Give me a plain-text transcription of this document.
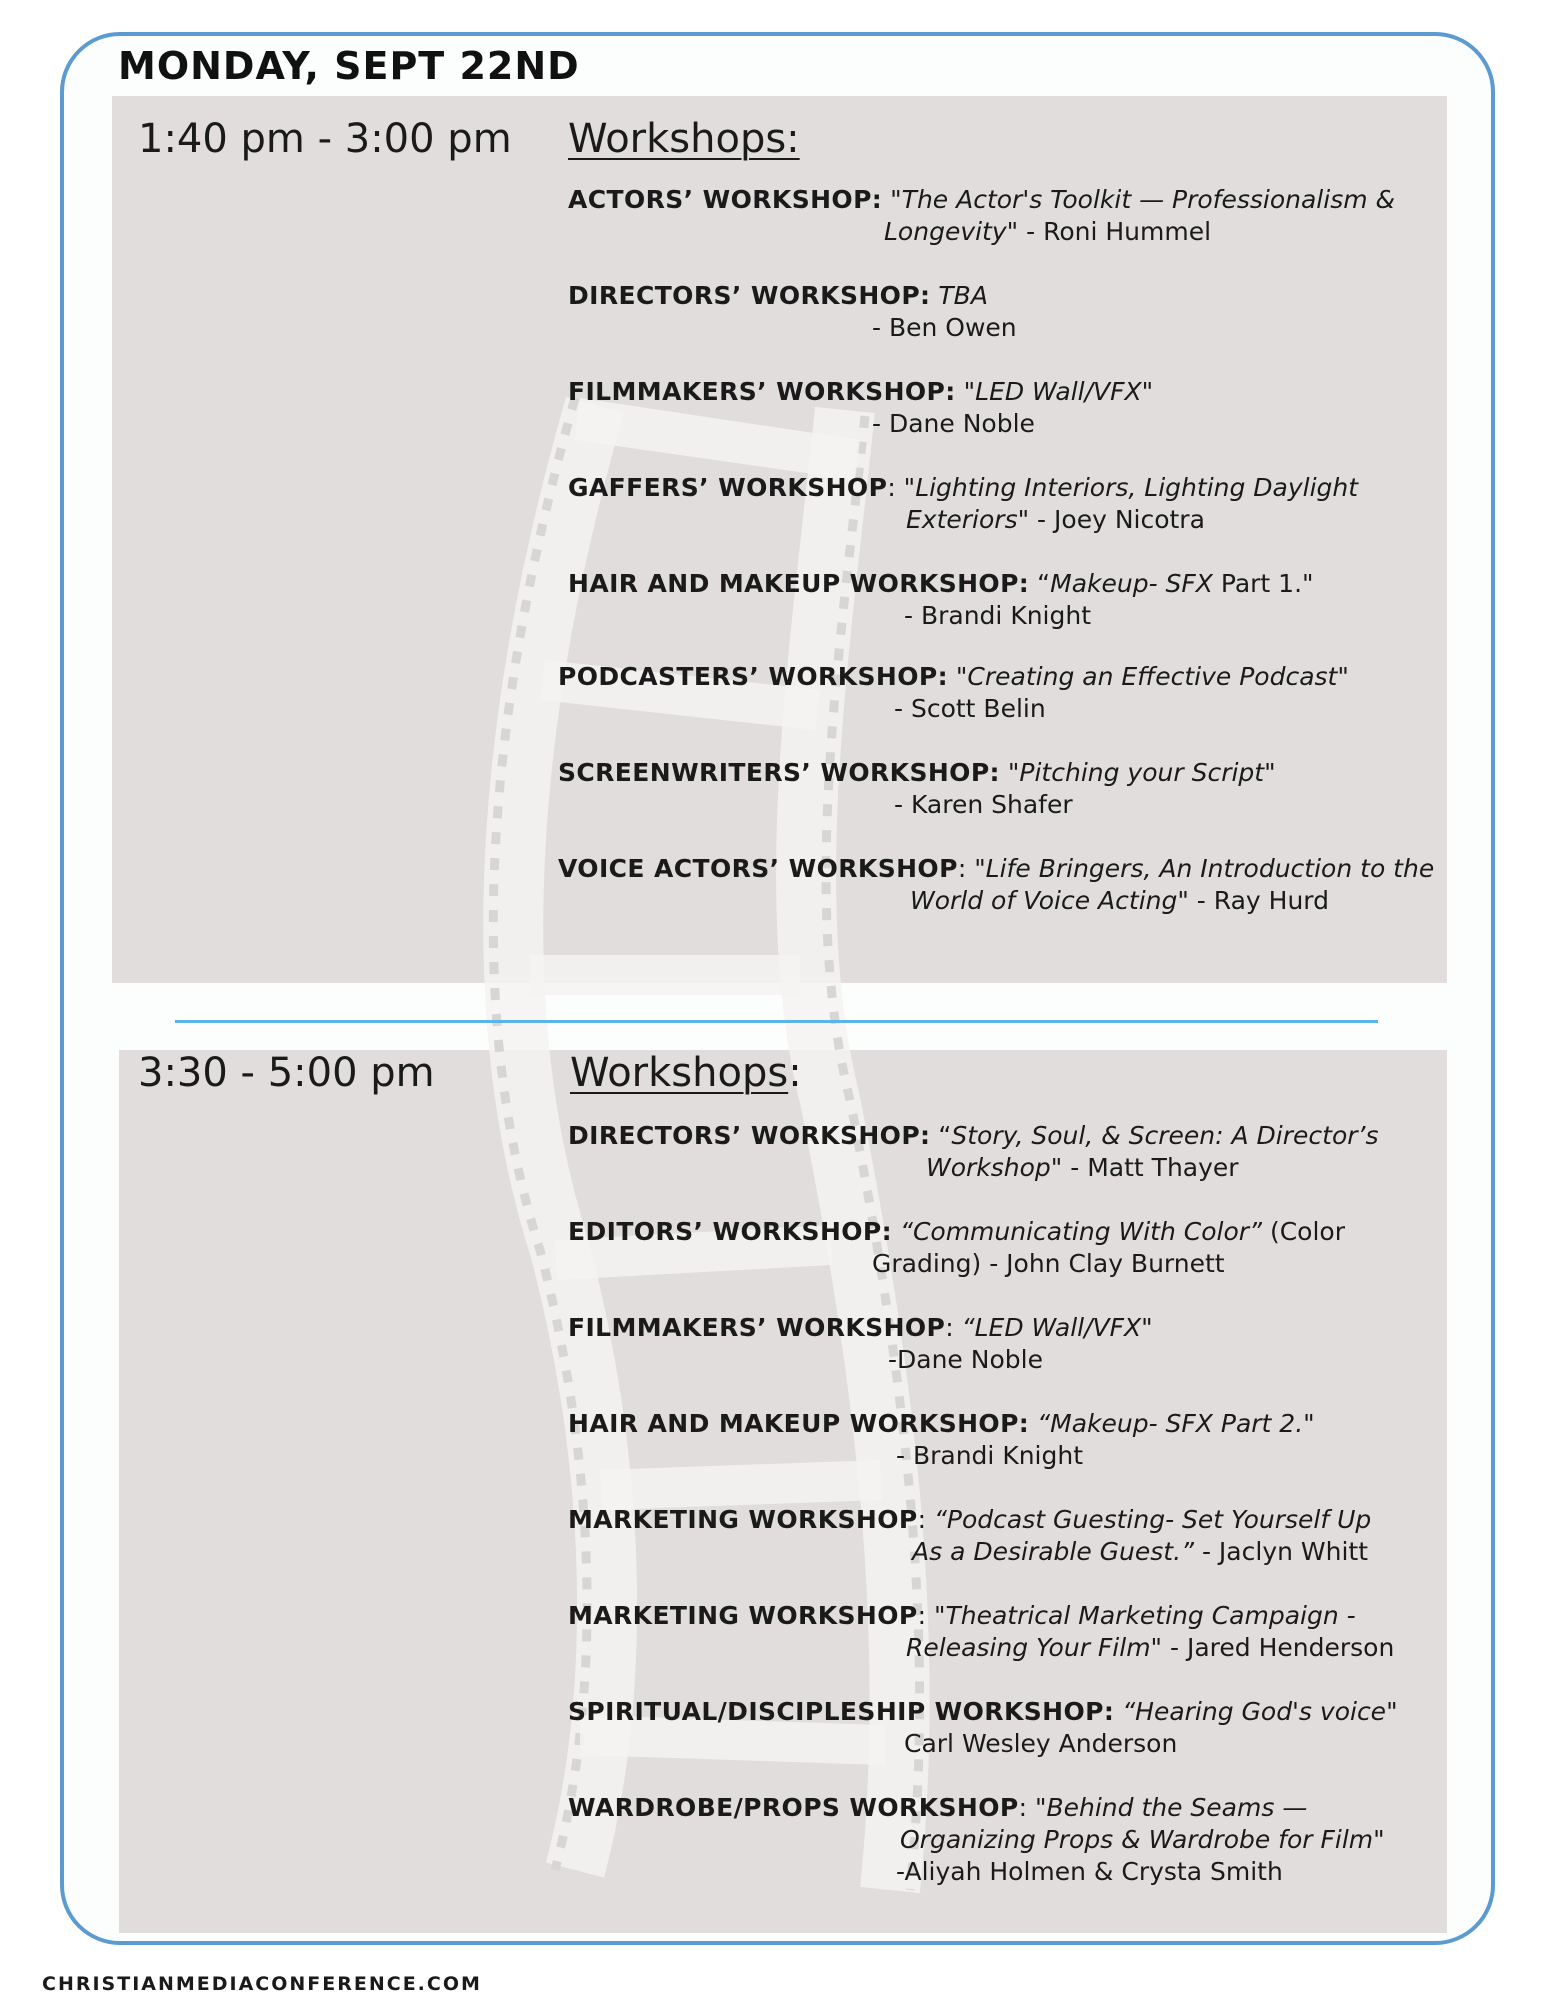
MONDAY, SEPT 22ND
1:40 pm - 3:00 pm Workshops:
ACTORS’ WORKSHOP: "The Actor's Toolkit — Professionalism &
Longevity" - Roni Hummel
DIRECTORS’ WORKSHOP: TBA
- Ben Owen
FILMMAKERS’ WORKSHOP: "LED Wall/VFX"
- Dane Noble
GAFFERS’ WORKSHOP: "Lighting Interiors, Lighting Daylight
Exteriors" - Joey Nicotra
HAIR AND MAKEUP WORKSHOP: “Makeup- SFX Part 1."
- Brandi Knight
PODCASTERS’ WORKSHOP: "Creating an Effective Podcast"
- Scott Belin
SCREENWRITERS’ WORKSHOP: "Pitching your Script"
- Karen Shafer
VOICE ACTORS’ WORKSHOP: "Life Bringers, An Introduction to the
World of Voice Acting" - Ray Hurd
3:30 - 5:00 pm	Workshops:
DIRECTORS’ WORKSHOP: “Story, Soul, & Screen: A Director’s
Workshop" - Matt Thayer
EDITORS’ WORKSHOP: “Communicating With Color” (Color
Grading) - John Clay Burnett
FILMMAKERS’ WORKSHOP: “LED Wall/VFX"
-Dane Noble
HAIR AND MAKEUP WORKSHOP: “Makeup- SFX Part 2."
- Brandi Knight
MARKETING WORKSHOP: “Podcast Guesting- Set Yourself Up
As a Desirable Guest.” - Jaclyn Whitt
MARKETING WORKSHOP: "Theatrical Marketing Campaign -
Releasing Your Film" - Jared Henderson
SPIRITUAL/DISCIPLESHIP WORKSHOP: “Hearing God's voice"
Carl Wesley Anderson
WARDROBE/PROPS WORKSHOP: "Behind the Seams —
Organizing Props & Wardrobe for Film"
-Aliyah Holmen & Crysta Smith
CHRISTIANMEDIACONFERENCE.COM
